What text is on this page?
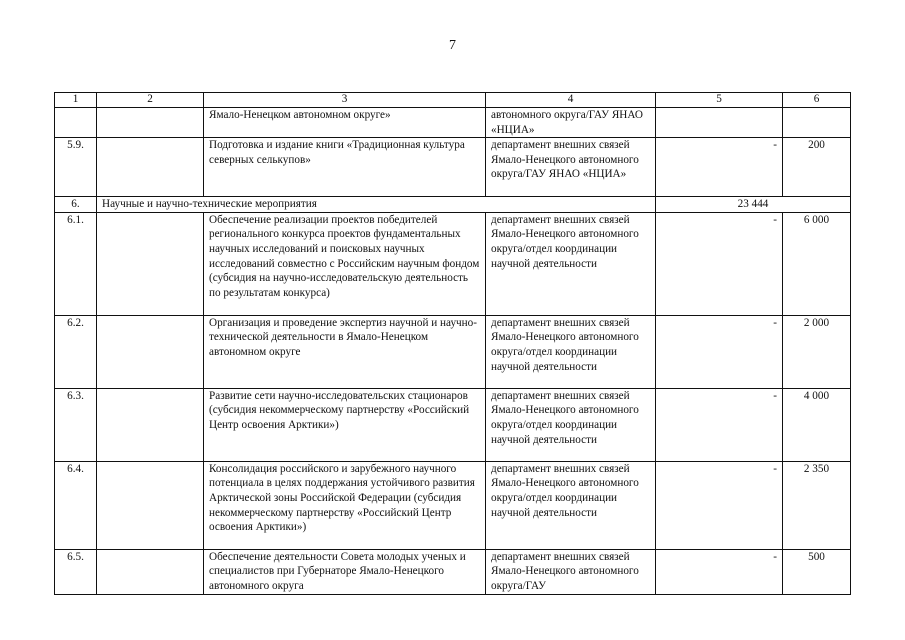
7
1	2	3	4	5	6
		Ямало-Ненецком автономном округе»	автономного округа/ГАУ ЯНАО «НЦИА»		
5.9.		Подготовка и издание книги «Традиционная культура северных селькупов»	департамент внешних связей Ямало-Ненецкого автономного округа/ГАУ ЯНАО «НЦИА»	-	200
6.	Научные и научно-технические мероприятия			23 444	
6.1.		Обеспечение реализации проектов победителей регионального конкурса проектов фундаментальных научных исследований и поисковых научных исследований совместно с Российским научным фондом (субсидия на научно-исследовательскую деятельность по результатам конкурса)	департамент внешних связей Ямало-Ненецкого автономного округа/отдел координации научной деятельности	-	6 000
6.2.		Организация и проведение экспертиз научной и научно-технической деятельности в Ямало-Ненецком автономном округе	департамент внешних связей Ямало-Ненецкого автономного округа/отдел координации научной деятельности	-	2 000
6.3.		Развитие сети научно-исследовательских стационаров (субсидия некоммерческому партнерству «Российский Центр освоения Арктики»)	департамент внешних связей Ямало-Ненецкого автономного округа/отдел координации научной деятельности	-	4 000
6.4.		Консолидация российского и зарубежного научного потенциала в целях поддержания устойчивого развития Арктической зоны Российской Федерации (субсидия некоммерческому партнерству «Российский Центр освоения Арктики»)	департамент внешних связей Ямало-Ненецкого автономного округа/отдел координации научной деятельности	-	2 350
6.5.		Обеспечение деятельности Совета молодых ученых и специалистов при Губернаторе Ямало-Ненецкого автономного округа	департамент внешних связей Ямало-Ненецкого автономного округа/ГАУ	-	500
